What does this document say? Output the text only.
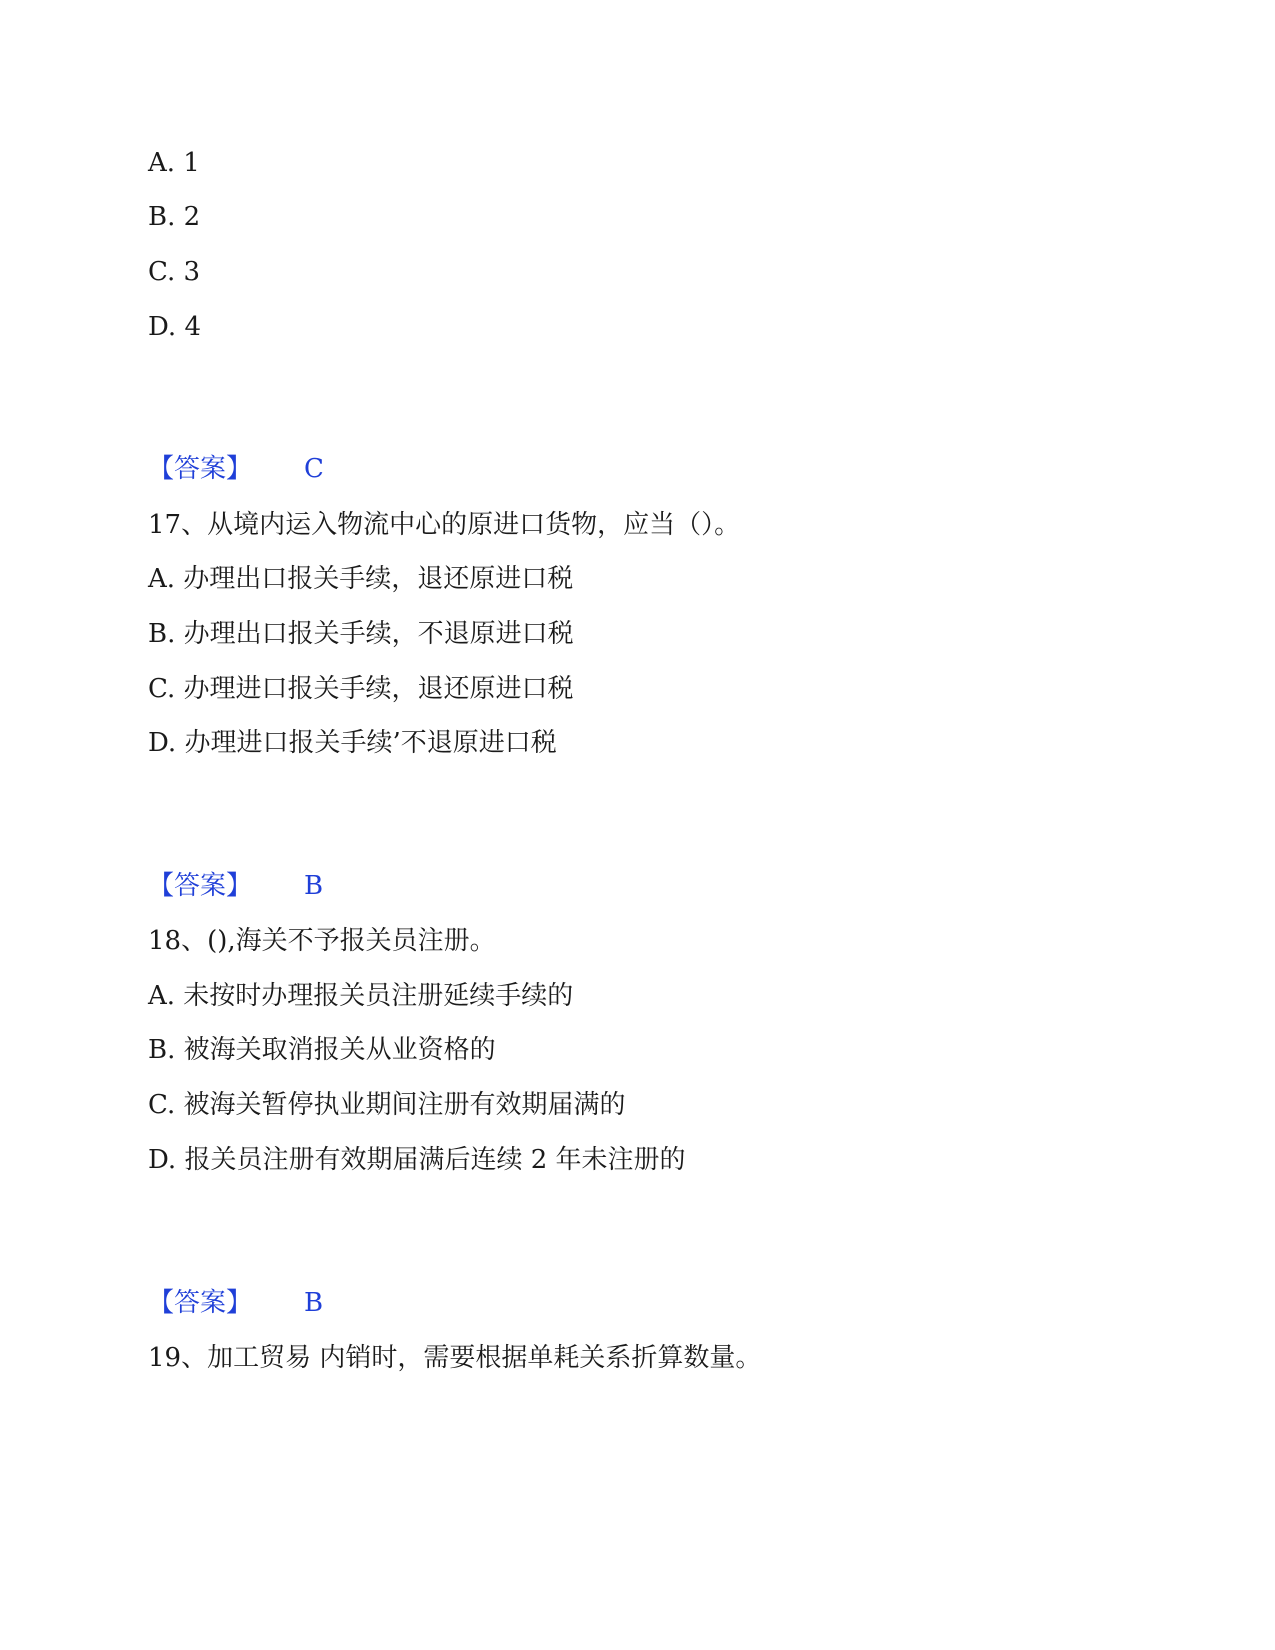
A. 1

B. 2

C. 3

D. 4

【答案】 C

17、从境内运入物流中心的原进口货物，应当（）。

A. 办理出口报关手续，退还原进口税

B. 办理出口报关手续，不退原进口税

C. 办理进口报关手续，退还原进口税

D. 办理进口报关手续’不退原进口税

【答案】 B

18、(),海关不予报关员注册。

A. 未按时办理报关员注册延续手续的

B. 被海关取消报关从业资格的

C. 被海关暂停执业期间注册有效期届满的

D. 报关员注册有效期届满后连续 2 年未注册的

【答案】 B

19、加工贸易 内销时，需要根据单耗关系折算数量。
